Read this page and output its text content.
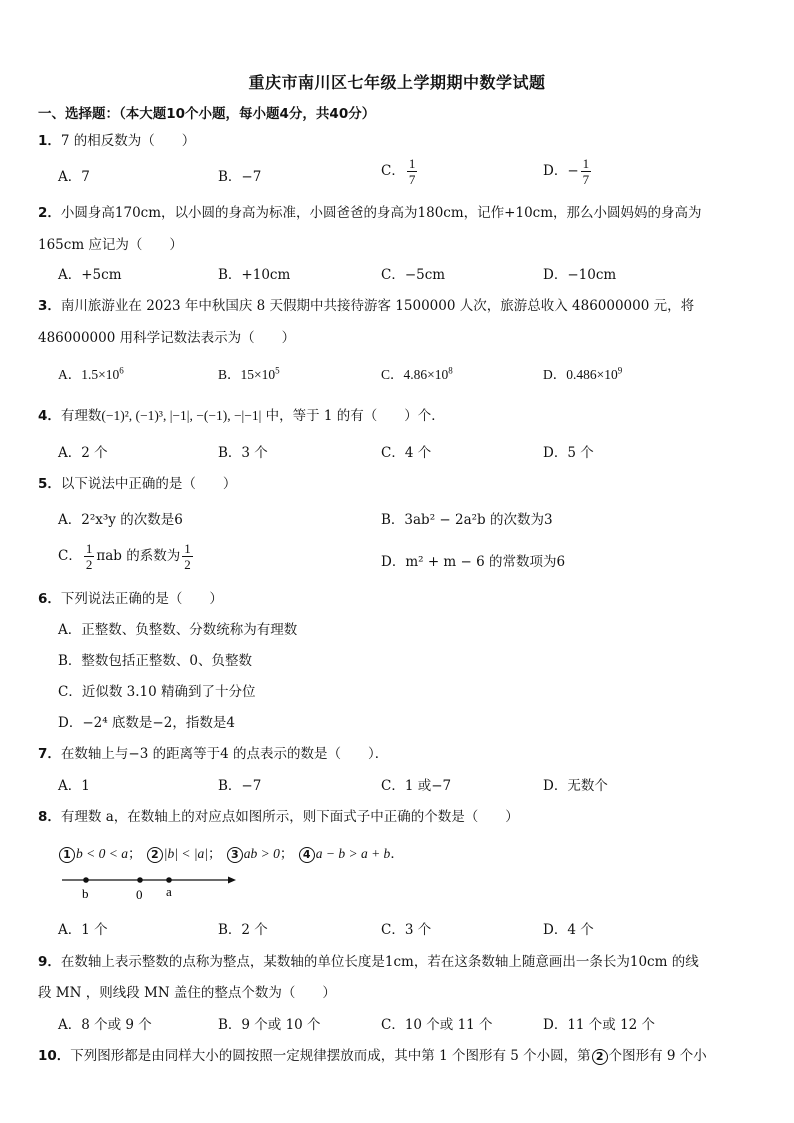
重庆市南川区七年级上学期期中数学试题
一、选择题：（本大题10个小题，每小题4分，共40分）
1．7 的相反数为（　　）
A．7	B．−7	C． $\frac{1}{7}$	D．− $\frac{1}{7}$
2．小圆身高170cm，以小圆的身高为标准，小圆爸爸的身高为180cm，记作+10cm，那么小圆妈妈的身高为
165cm 应记为（　　）
A．+5cm	B．+10cm	C．−5cm	D．−10cm
3．南川旅游业在 2023 年中秋国庆 8 天假期中共接待游客 1500000 人次，旅游总收入 486000000 元，将
486000000 用科学记数法表示为（　　）
A．$1.5\times 10^6$	B．$15\times 10^5$	C．$4.86\times 10^8$	D．$0.486\times 10^9$
4．有理数(−1)², (−1)³, |−1|, −(−1), −|−1| 中，等于 1 的有（　　）个．
A．2 个	B．3 个	C．4 个	D．5 个
5．以下说法中正确的是（　　）
A．2²x³y 的次数是6	B．3ab² − 2a²b 的次数为3
C． $\frac{1}{2}$ πab 的系数为 $\frac{1}{2}$	D．m² + m − 6 的常数项为6
6．下列说法正确的是（　　）
A．正整数、负整数、分数统称为有理数
B．整数包括正整数、0、负整数
C．近似数 3.10 精确到了十分位
D．−2⁴ 底数是−2，指数是4
7．在数轴上与−3 的距离等于4 的点表示的数是（　　）．
A．1	B．−7	C．1 或−7	D．无数个
8．有理数 a，在数轴上的对应点如图所示，则下面式子中正确的个数是（　　）
1 b < 0 < a； 2 |b| < |a|； 3 ab > 0； 4 a − b > a + b．
b	0 a
A．1 个	B．2 个	C．3 个	D．4 个
9．在数轴上表示整数的点称为整点，某数轴的单位长度是1cm，若在这条数轴上随意画出一条长为10cm 的线
段 MN ，则线段 MN 盖住的整点个数为（　　）
A．8 个或 9 个	B．9 个或 10 个	C．10 个或 11 个	D．11 个或 12 个
10．下列图形都是由同样大小的圆按照一定规律摆放而成，其中第 1 个图形有 5 个小圆，第 2 个图形有 9 个小
